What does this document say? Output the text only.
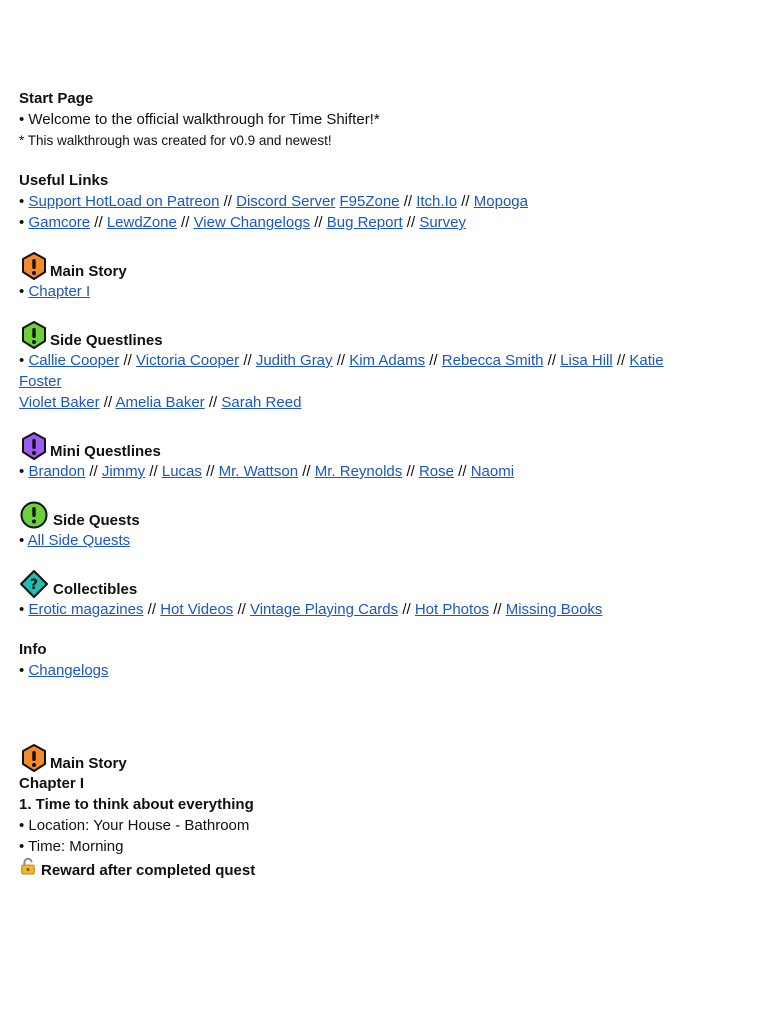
Start Page
• Welcome to the official walkthrough for Time Shifter!*
* This walkthrough was created for v0.9 and newest!
Useful Links
• Support HotLoad on Patreon // Discord Server F95Zone // Itch.Io // Mopoga
• Gamcore // LewdZone // View Changelogs // Bug Report // Survey
Main Story
• Chapter I
Side Questlines
• Callie Cooper // Victoria Cooper // Judith Gray // Kim Adams // Rebecca Smith // Lisa Hill // Katie
Foster
Violet Baker // Amelia Baker // Sarah Reed
Mini Questlines
• Brandon // Jimmy // Lucas // Mr. Wattson // Mr. Reynolds // Rose // Naomi
Side Quests
• All Side Quests
? Collectibles
• Erotic magazines // Hot Videos // Vintage Playing Cards // Hot Photos // Missing Books
Info
• Changelogs
Main Story
Chapter I
1. Time to think about everything
• Location: Your House - Bathroom
• Time: Morning
Reward after completed quest
